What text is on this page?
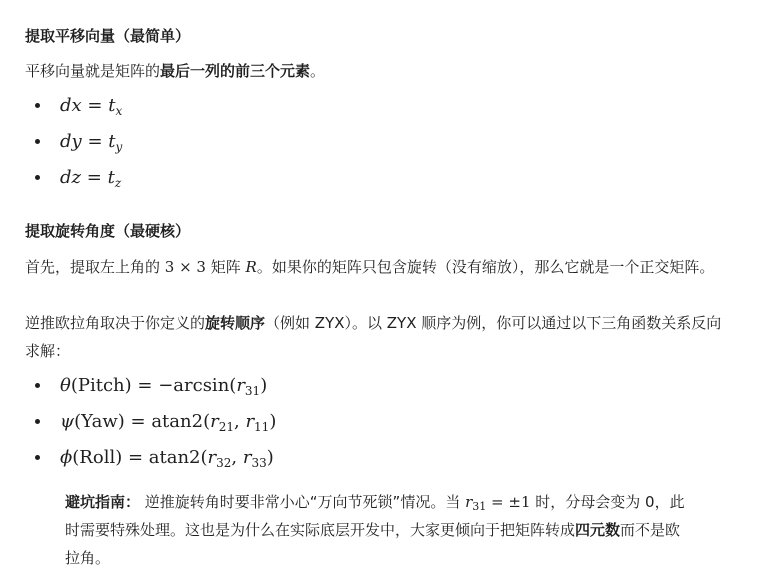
提取平移向量（最简单）
平移向量就是矩阵的最后一列的前三个元素。
dx = $t_x$
dy = $t_y$
dz = $t_z$
提取旋转角度（最硬核）
首先，提取左上角的 3 × 3 矩阵 R。如果你的矩阵只包含旋转（没有缩放），那么它就是一个正交矩阵。
逆推欧拉角取决于你定义的旋转顺序（例如 ZYX）。以 ZYX 顺序为例，你可以通过以下三角函数关系反向求解：
θ(Pitch) = $-\arcsin(r_{31})$
$\psi(Yaw) = atan2(r_{21}$, $r_{11}$)
ϕ(Roll) = $atan2(r_{32}$, $r_{33}$)
避坑指南： 逆推旋转角时要非常小心“万向节死锁”情况。当 $r_{31} = \pm 1$ 时，分母会变为 0，此时需要特殊处理。这也是为什么在实际底层开发中，大家更倾向于把矩阵转成四元数而不是欧拉角。
